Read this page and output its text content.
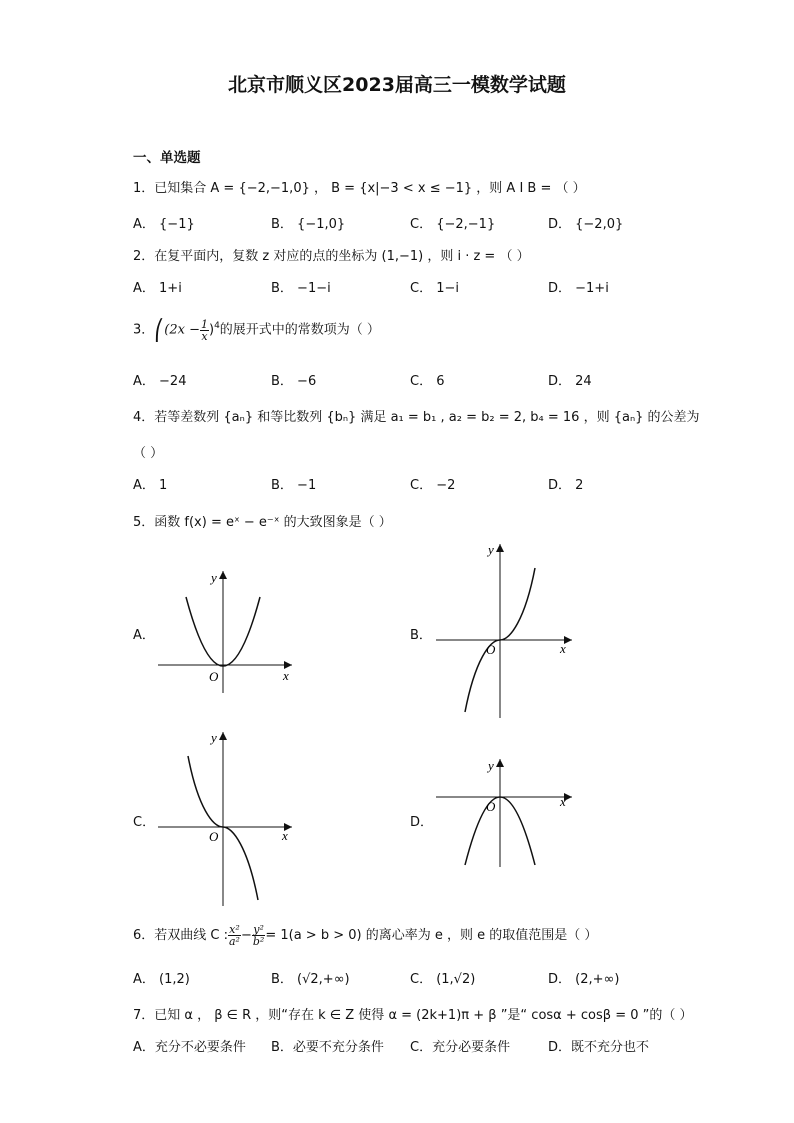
北京市顺义区2023届高三一模数学试题
一、单选题
1．已知集合 A = {−2,−1,0} ， B = {x|−3 < x ≤ −1} ，则 A I B = （ ）
A． {−1}	B． {−1,0}	C． {−2,−1}	D． {−2,0}
2．在复平面内，复数 z 对应的点的坐标为 (1,−1) ，则 i · z = （ ）
A． 1+i	B． −1−i	C． 1−i	D． −1+i
3．⎛(2x − $\frac{1}{x} )^4$的展开式中的常数项为（ ）
A． −24	B． −6	C． 6	D． 24
4．若等差数列 {aₙ} 和等比数列 {bₙ} 满足 a₁ = b₁ , a₂ = b₂ = 2, b₄ = 16 ，则 {aₙ} 的公差为
（ ）
A． 1	B． −1	C． −2	D． 2
5．函数 f(x) = eˣ − e⁻ˣ 的大致图象是（ ）
A．	B．
C．	D．
O	x
y
O	x
y
O	x
y
O	x
y
6．若双曲线 C : $\frac{\text{x²}}{\text{a²}} - \frac{\text{y²}}{\text{b²}} = 1(a > b > 0)$ 的离心率为 e ，则 e 的取值范围是（ ）
A． (1,2)	B． (√2,+∞)	C． (1,√2)	D． (2,+∞)
7．已知 α ， β ∈ R ，则“存在 k ∈ Z 使得 α = (2k+1)π + β ”是“ cosα + cosβ = 0 ”的（ ）
A．充分不必要条件 B．必要不充分条件 C．充分必要条件	D．既不充分也不
